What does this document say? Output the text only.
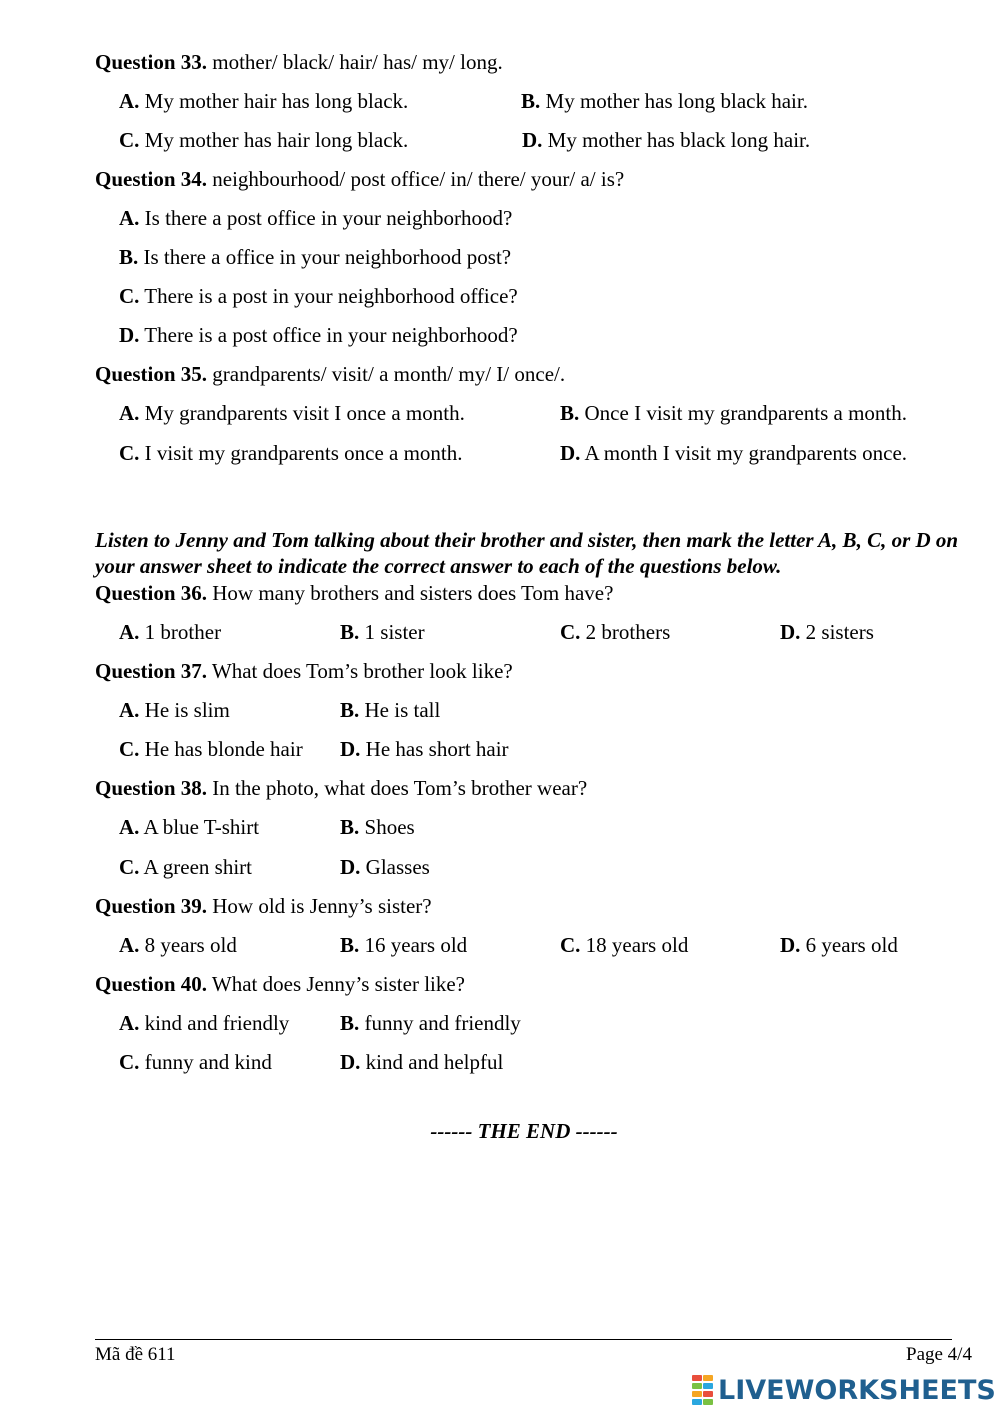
Question 33. mother/ black/ hair/ has/ my/ long.
A. My mother hair has long black.	B. My mother has long black hair.
C. My mother has hair long black.	D. My mother has black long hair.
Question 34. neighbourhood/ post office/ in/ there/ your/ a/ is?
A. Is there a post office in your neighborhood?
B. Is there a office in your neighborhood post?
C. There is a post in your neighborhood office?
D. There is a post office in your neighborhood?
Question 35. grandparents/ visit/ a month/ my/ I/ once/.
A. My grandparents visit I once a month.	B. Once I visit my grandparents a month.
C. I visit my grandparents once a month.	D. A month I visit my grandparents once.
Listen to Jenny and Tom talking about their brother and sister, then mark the letter A, B, C, or D on your answer sheet to indicate the correct answer to each of the questions below.
Question 36. How many brothers and sisters does Tom have?
A. 1 brother	B. 1 sister	C. 2 brothers	D. 2 sisters
Question 37. What does Tom’s brother look like?
A. He is slim	B. He is tall
C. He has blonde hair D. He has short hair
Question 38. In the photo, what does Tom’s brother wear?
A. A blue T-shirt	B. Shoes
C. A green shirt	D. Glasses
Question 39. How old is Jenny’s sister?
A. 8 years old	B. 16 years old	C. 18 years old	D. 6 years old
Question 40. What does Jenny’s sister like?
A. kind and friendly B. funny and friendly
C. funny and kind	D. kind and helpful
------ THE END ------
Mã đề 611	Page 4/4
LIVEWORKSHEETS
